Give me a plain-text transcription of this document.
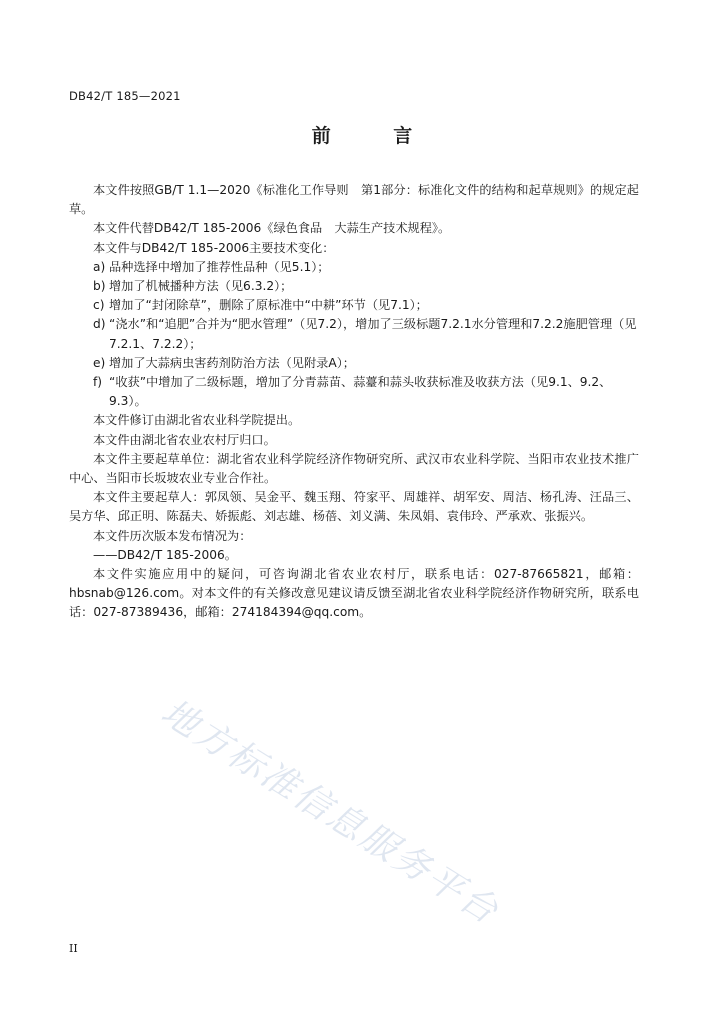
DB42/T 185—2021
前 言

本文件按照GB/T 1.1—2020《标准化工作导则　第1部分：标准化文件的结构和起草规则》的规定起草。

本文件代替DB42/T 185-2006《绿色食品　大蒜生产技术规程》。

本文件与DB42/T 185-2006主要技术变化：

a) 品种选择中增加了推荐性品种（见5.1）；
b) 增加了机械播种方法（见6.3.2）；
c) 增加了“封闭除草”，删除了原标准中“中耕”环节（见7.1）；
d) “浇水”和“追肥”合并为“肥水管理”（见7.2），增加了三级标题7.2.1水分管理和7.2.2施肥管理（见7.2.1、7.2.2）；
e) 增加了大蒜病虫害药剂防治方法（见附录A）；
f) “收获”中增加了二级标题，增加了分青蒜苗、蒜薹和蒜头收获标准及收获方法（见9.1、9.2、9.3）。

本文件修订由湖北省农业科学院提出。

本文件由湖北省农业农村厅归口。

本文件主要起草单位：湖北省农业科学院经济作物研究所、武汉市农业科学院、当阳市农业技术推广中心、当阳市长坂坡农业专业合作社。

本文件主要起草人：郭凤领、吴金平、魏玉翔、符家平、周雄祥、胡军安、周洁、杨孔涛、汪品三、吴方华、邱正明、陈磊夫、娇振彪、刘志雄、杨蓓、刘义满、朱凤娟、袁伟玲、严承欢、张振兴。

本文件历次版本发布情况为：

——DB42/T 185-2006。

本文件实施应用中的疑问，可咨询湖北省农业农村厅，联系电话：027-87665821，邮箱：hbsnab@126.com。对本文件的有关修改意见建议请反馈至湖北省农业科学院经济作物研究所，联系电话：027-87389436，邮箱：274184394@qq.com。

地方标准信息服务平台
II
